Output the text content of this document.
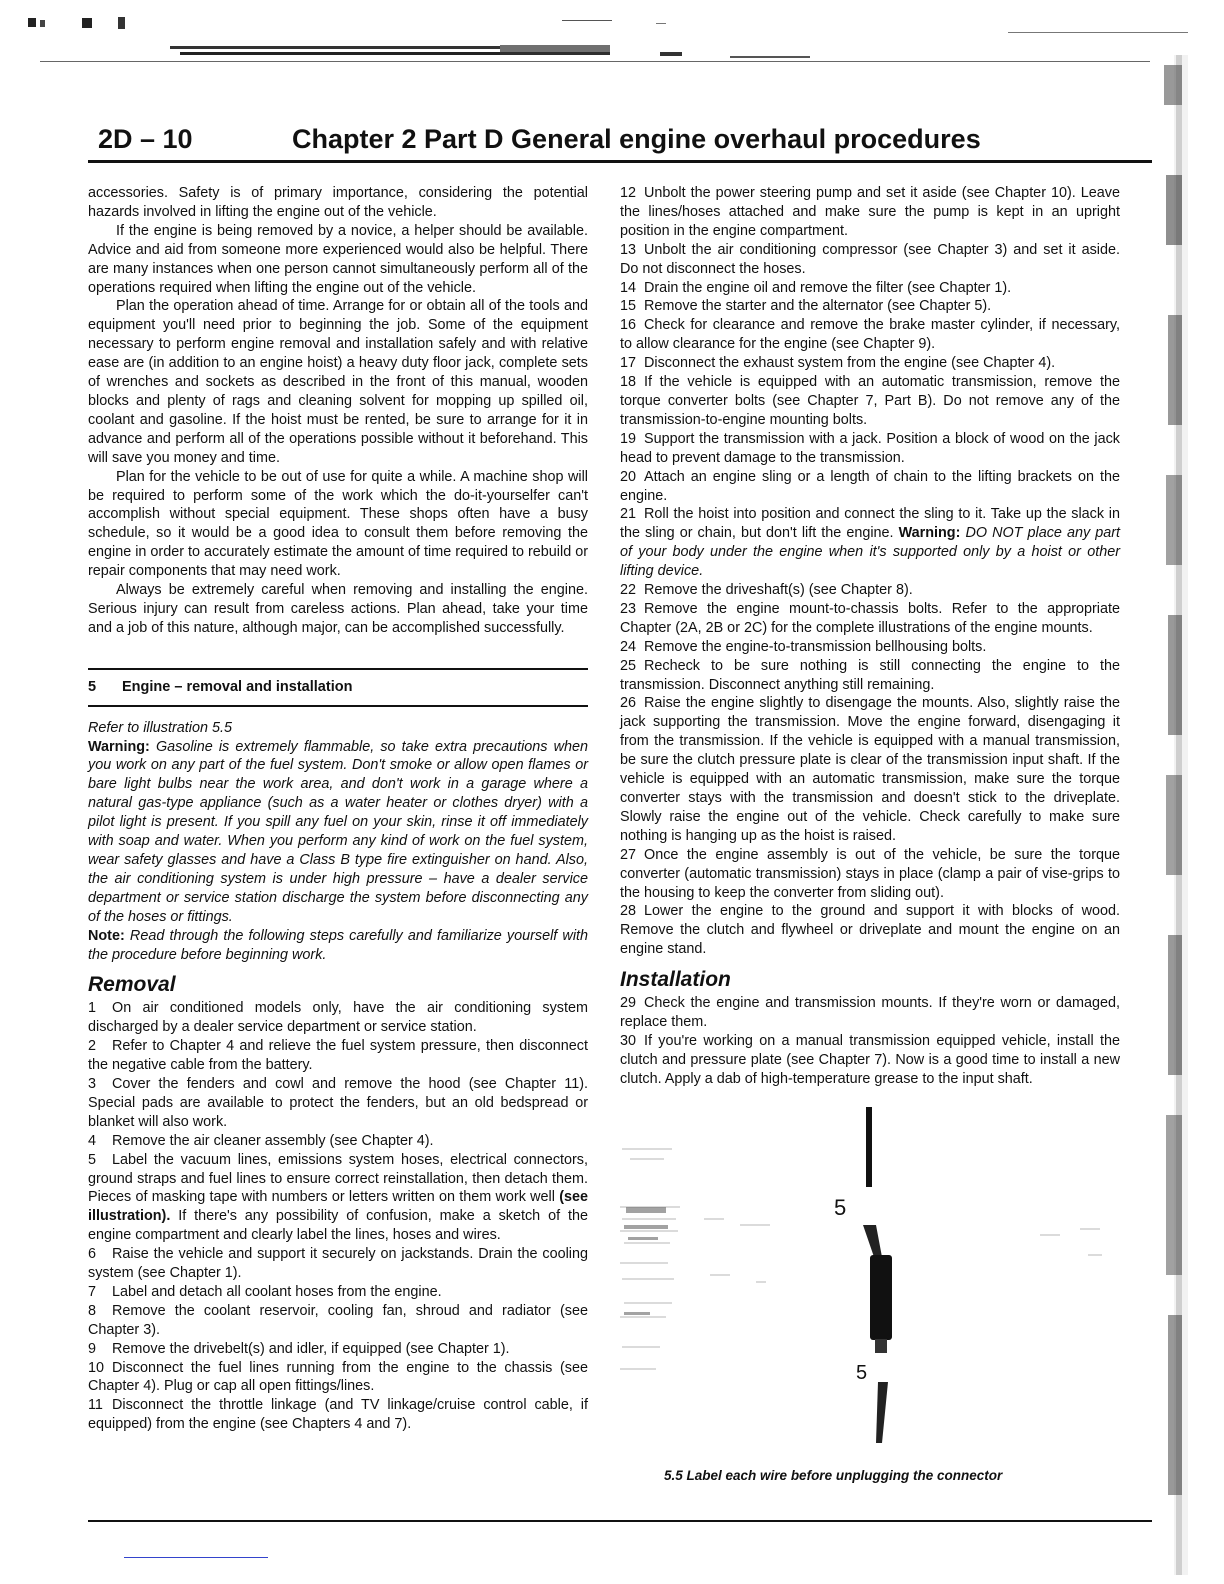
2D – 10	Chapter 2 Part D General engine overhaul procedures

accessories. Safety is of primary importance, considering the potential hazards involved in lifting the engine out of the vehicle.

If the engine is being removed by a novice, a helper should be available. Advice and aid from someone more experienced would also be helpful. There are many instances when one person cannot simultaneously perform all of the operations required when lifting the engine out of the vehicle.

Plan the operation ahead of time. Arrange for or obtain all of the tools and equipment you'll need prior to beginning the job. Some of the equipment necessary to perform engine removal and installation safely and with relative ease are (in addition to an engine hoist) a heavy duty floor jack, complete sets of wrenches and sockets as described in the front of this manual, wooden blocks and plenty of rags and cleaning solvent for mopping up spilled oil, coolant and gasoline. If the hoist must be rented, be sure to arrange for it in advance and perform all of the operations possible without it beforehand. This will save you money and time.

Plan for the vehicle to be out of use for quite a while. A machine shop will be required to perform some of the work which the do-it-yourselfer can't accomplish without special equipment. These shops often have a busy schedule, so it would be a good idea to consult them before removing the engine in order to accurately estimate the amount of time required to rebuild or repair components that may need work.

Always be extremely careful when removing and installing the engine. Serious injury can result from careless actions. Plan ahead, take your time and a job of this nature, although major, can be accomplished successfully.

5 Engine – removal and installation

Refer to illustration 5.5

Warning: Gasoline is extremely flammable, so take extra precautions when you work on any part of the fuel system. Don't smoke or allow open flames or bare light bulbs near the work area, and don't work in a garage where a natural gas-type appliance (such as a water heater or clothes dryer) with a pilot light is present. If you spill any fuel on your skin, rinse it off immediately with soap and water. When you perform any kind of work on the fuel system, wear safety glasses and have a Class B type fire extinguisher on hand. Also, the air conditioning system is under high pressure – have a dealer service department or service station discharge the system before disconnecting any of the hoses or fittings.

Note: Read through the following steps carefully and familiarize yourself with the procedure before beginning work.

Removal

1 On air conditioned models only, have the air conditioning system discharged by a dealer service department or service station.

2 Refer to Chapter 4 and relieve the fuel system pressure, then disconnect the negative cable from the battery.

3 Cover the fenders and cowl and remove the hood (see Chapter 11). Special pads are available to protect the fenders, but an old bedspread or blanket will also work.

4 Remove the air cleaner assembly (see Chapter 4).

5 Label the vacuum lines, emissions system hoses, electrical connectors, ground straps and fuel lines to ensure correct reinstallation, then detach them. Pieces of masking tape with numbers or letters written on them work well (see illustration). If there's any possibility of confusion, make a sketch of the engine compartment and clearly label the lines, hoses and wires.

6 Raise the vehicle and support it securely on jackstands. Drain the cooling system (see Chapter 1).

7 Label and detach all coolant hoses from the engine.

8 Remove the coolant reservoir, cooling fan, shroud and radiator (see Chapter 3).

9 Remove the drivebelt(s) and idler, if equipped (see Chapter 1).

10 Disconnect the fuel lines running from the engine to the chassis (see Chapter 4). Plug or cap all open fittings/lines.

11 Disconnect the throttle linkage (and TV linkage/cruise control cable, if equipped) from the engine (see Chapters 4 and 7).

12 Unbolt the power steering pump and set it aside (see Chapter 10). Leave the lines/hoses attached and make sure the pump is kept in an upright position in the engine compartment.

13 Unbolt the air conditioning compressor (see Chapter 3) and set it aside. Do not disconnect the hoses.

14 Drain the engine oil and remove the filter (see Chapter 1).

15 Remove the starter and the alternator (see Chapter 5).

16 Check for clearance and remove the brake master cylinder, if necessary, to allow clearance for the engine (see Chapter 9).

17 Disconnect the exhaust system from the engine (see Chapter 4).

18 If the vehicle is equipped with an automatic transmission, remove the torque converter bolts (see Chapter 7, Part B). Do not remove any of the transmission-to-engine mounting bolts.

19 Support the transmission with a jack. Position a block of wood on the jack head to prevent damage to the transmission.

20 Attach an engine sling or a length of chain to the lifting brackets on the engine.

21 Roll the hoist into position and connect the sling to it. Take up the slack in the sling or chain, but don't lift the engine. Warning: DO NOT place any part of your body under the engine when it's supported only by a hoist or other lifting device.

22 Remove the driveshaft(s) (see Chapter 8).

23 Remove the engine mount-to-chassis bolts. Refer to the appropriate Chapter (2A, 2B or 2C) for the complete illustrations of the engine mounts.

24 Remove the engine-to-transmission bellhousing bolts.

25 Recheck to be sure nothing is still connecting the engine to the transmission. Disconnect anything still remaining.

26 Raise the engine slightly to disengage the mounts. Also, slightly raise the jack supporting the transmission. Move the engine forward, disengaging it from the transmission. If the vehicle is equipped with a manual transmission, be sure the clutch pressure plate is clear of the transmission input shaft. If the vehicle is equipped with an automatic transmission, make sure the torque converter stays with the transmission and doesn't stick to the driveplate. Slowly raise the engine out of the vehicle. Check carefully to make sure nothing is hanging up as the hoist is raised.

27 Once the engine assembly is out of the vehicle, be sure the torque converter (automatic transmission) stays in place (clamp a pair of vise-grips to the housing to keep the converter from sliding out).

28 Lower the engine to the ground and support it with blocks of wood. Remove the clutch and flywheel or driveplate and mount the engine on an engine stand.

Installation

29 Check the engine and transmission mounts. If they're worn or damaged, replace them.

30 If you're working on a manual transmission equipped vehicle, install the clutch and pressure plate (see Chapter 7). Now is a good time to install a new clutch. Apply a dab of high-temperature grease to the input shaft.

5
5
5.5 Label each wire before unplugging the connector
